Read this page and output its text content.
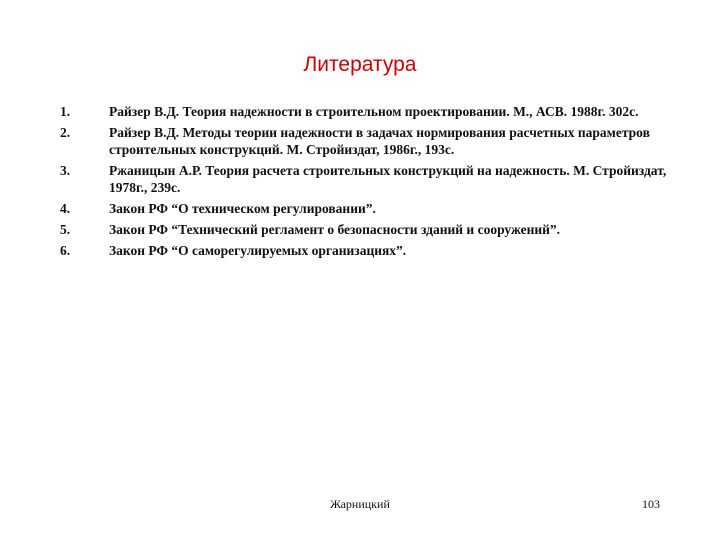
Литература
1.	Райзер В.Д. Теория надежности в строительном проектировании. М., АСВ. 1988г. 302с.
2.	Райзер В.Д. Методы теории надежности в задачах нормирования расчетных параметров строительных конструкций. М. Стройиздат, 1986г., 193с.
3.	Ржаницын А.Р. Теория расчета строительных конструкций на надежность. М. Стройиздат, 1978г., 239с.
4.	Закон РФ “О техническом регулировании”.
5.	Закон РФ “Технический регламент о безопасности зданий и сооружений”.
6.	Закон РФ “О саморегулируемых организациях”.
Жарницкий	103
